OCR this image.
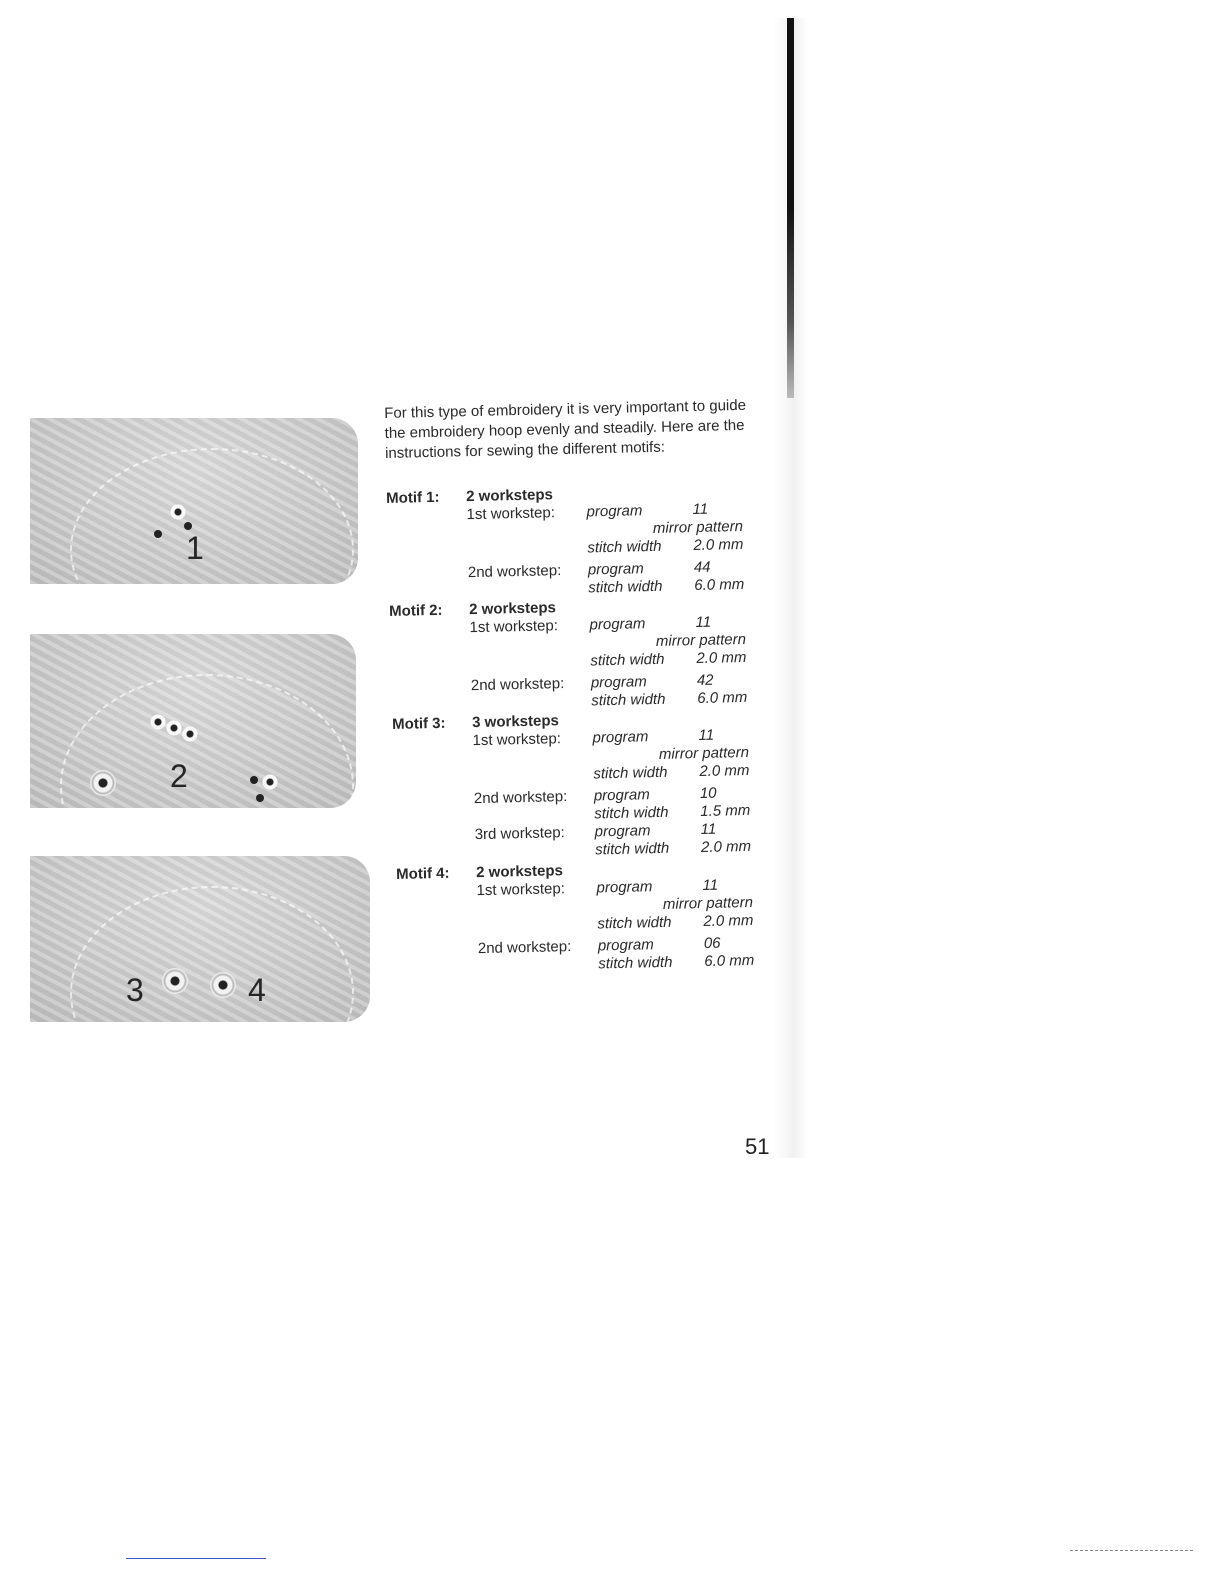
1
2
3	4

For this type of embroidery it is very important to guide the embroidery hoop evenly and steadily. Here are the instructions for sewing the different motifs:

Motif 1: 2 worksteps
1st workstep: program	11
mirror pattern
stitch width 2.0 mm
2nd workstep: program	44
stitch width 6.0 mm
Motif 2: 2 worksteps
1st workstep: program	11
mirror pattern
stitch width 2.0 mm
2nd workstep: program	42
stitch width 6.0 mm
Motif 3: 3 worksteps
1st workstep: program	11
mirror pattern
stitch width 2.0 mm
2nd workstep: program	10
stitch width 1.5 mm
3rd workstep: program	11
stitch width 2.0 mm
Motif 4: 2 worksteps
1st workstep: program	11
mirror pattern
stitch width 2.0 mm
2nd workstep: program	06
stitch width 6.0 mm
51
